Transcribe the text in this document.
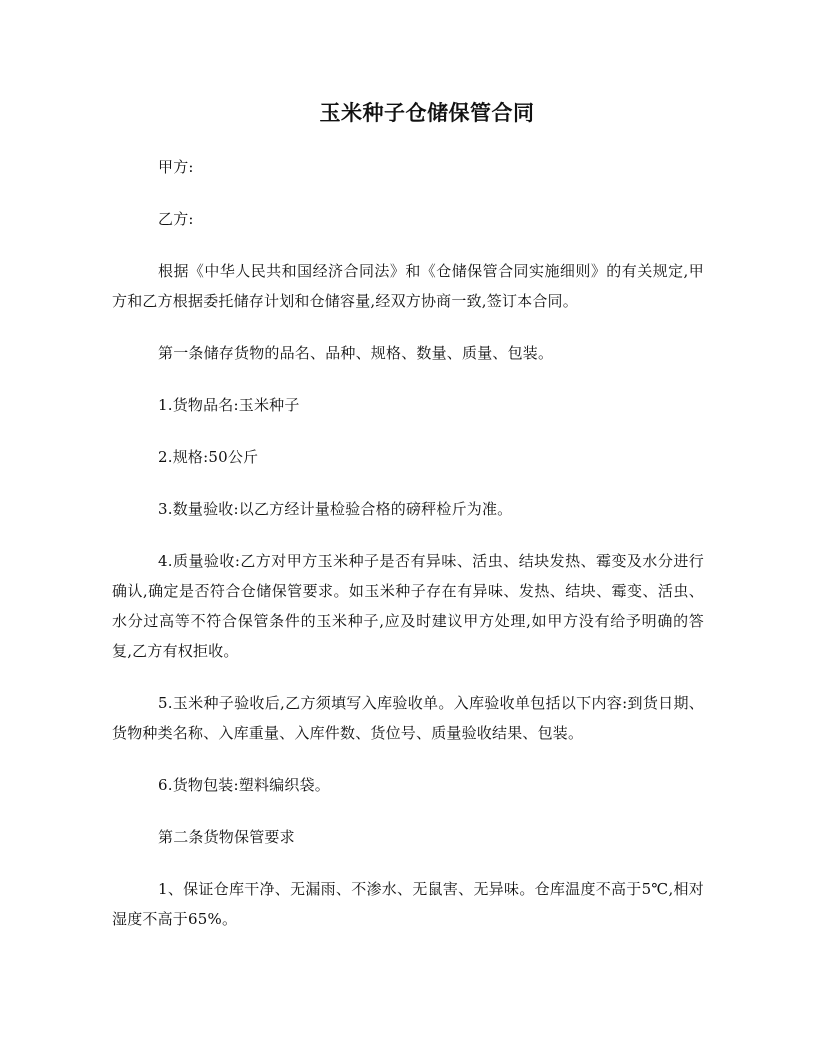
玉米种子仓储保管合同

甲方:

乙方:

根据《中华人民共和国经济合同法》和《仓储保管合同实施细则》的有关规定,甲方和乙方根据委托储存计划和仓储容量,经双方协商一致,签订本合同。

第一条储存货物的品名、品种、规格、数量、质量、包装。

1.货物品名:玉米种子

2.规格:50公斤

3.数量验收:以乙方经计量检验合格的磅秤检斤为准。

4.质量验收:乙方对甲方玉米种子是否有异味、活虫、结块发热、霉变及水分进行确认,确定是否符合仓储保管要求。如玉米种子存在有异味、发热、结块、霉变、活虫、水分过高等不符合保管条件的玉米种子,应及时建议甲方处理,如甲方没有给予明确的答复,乙方有权拒收。

5.玉米种子验收后,乙方须填写入库验收单。入库验收单包括以下内容:到货日期、货物种类名称、入库重量、入库件数、货位号、质量验收结果、包装。

6.货物包装:塑料编织袋。

第二条货物保管要求

1、保证仓库干净、无漏雨、不渗水、无鼠害、无异味。仓库温度不高于5℃,相对湿度不高于65%。
